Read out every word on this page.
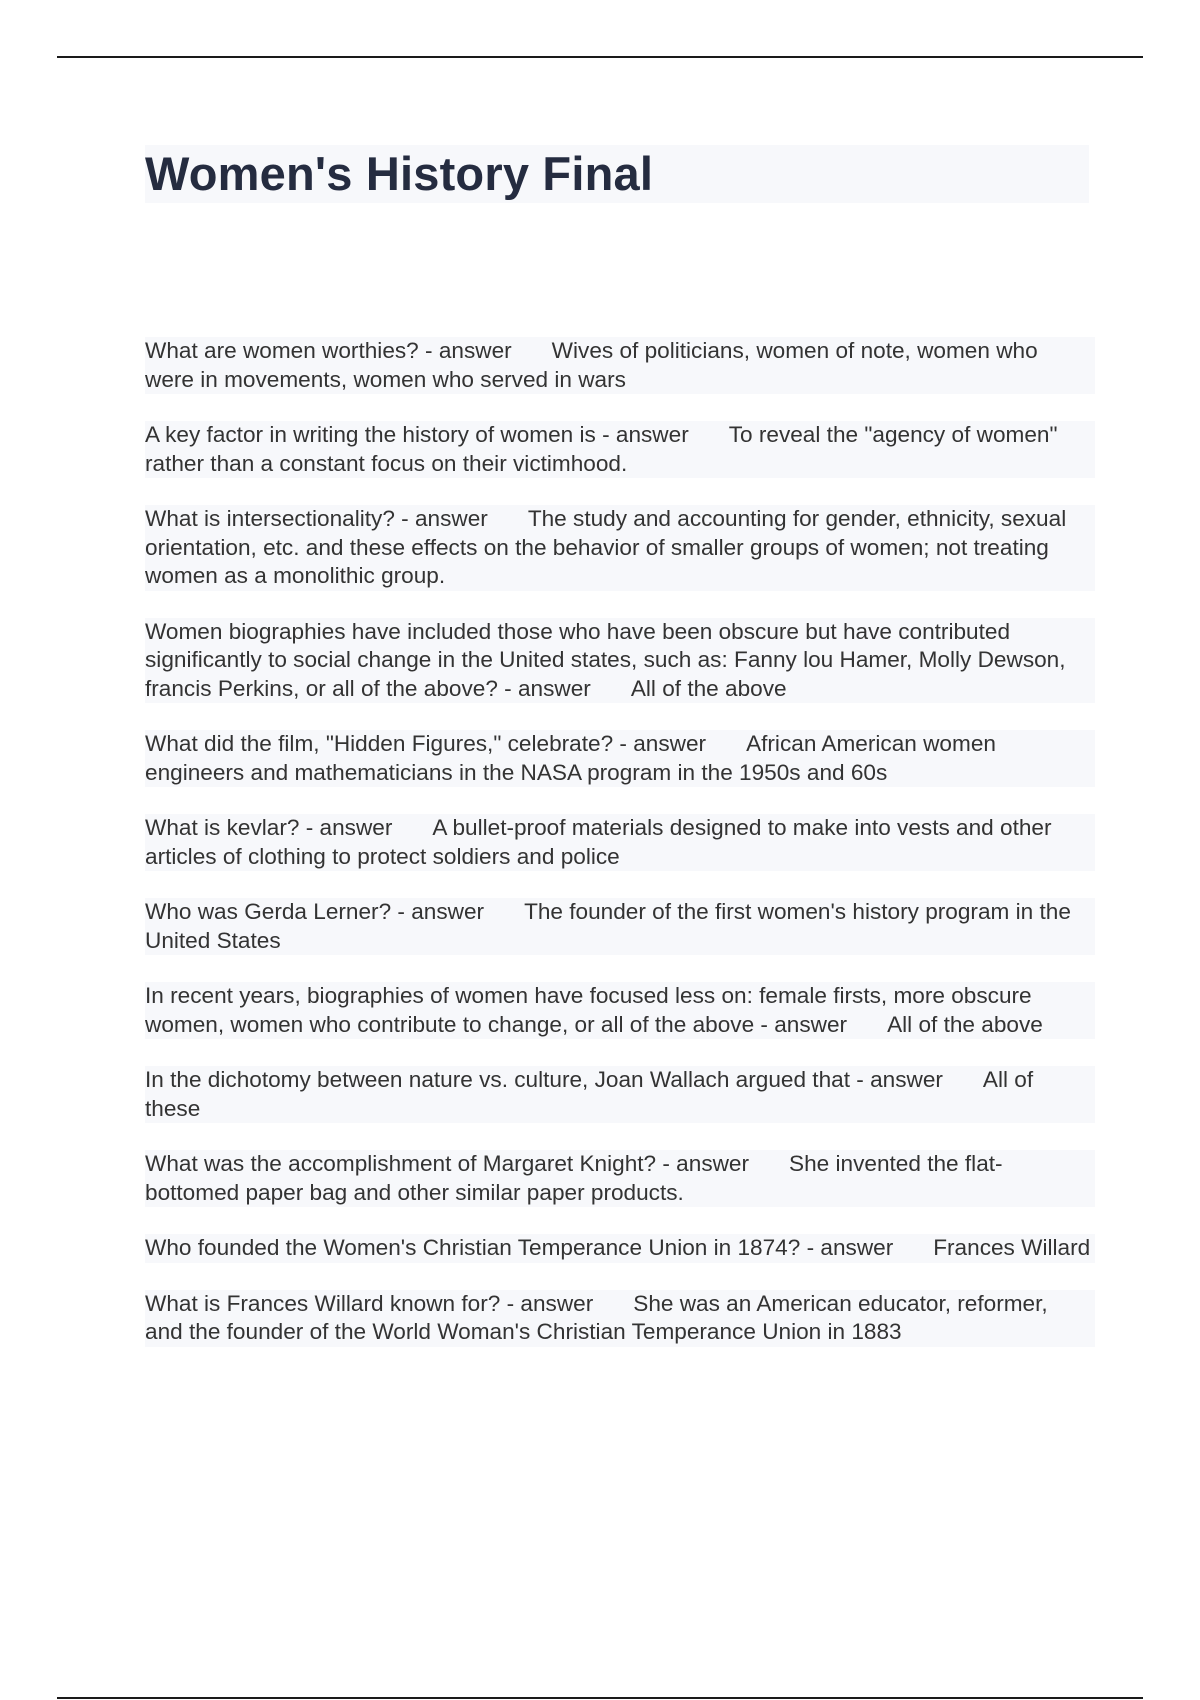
Women's History Final

What are women worthies? - answer Wives of politicians, women of note, women who were in movements, women who served in wars

A key factor in writing the history of women is - answer To reveal the "agency of women" rather than a constant focus on their victimhood.

What is intersectionality? - answer The study and accounting for gender, ethnicity, sexual orientation, etc. and these effects on the behavior of smaller groups of women; not treating women as a monolithic group.

Women biographies have included those who have been obscure but have contributed significantly to social change in the United states, such as: Fanny lou Hamer, Molly Dewson, francis Perkins, or all of the above? - answer All of the above

What did the film, "Hidden Figures," celebrate? - answer African American women engineers and mathematicians in the NASA program in the 1950s and 60s

What is kevlar? - answer A bullet-proof materials designed to make into vests and other articles of clothing to protect soldiers and police

Who was Gerda Lerner? - answer The founder of the first women's history program in the United States

In recent years, biographies of women have focused less on: female firsts, more obscure women, women who contribute to change, or all of the above - answer All of the above

In the dichotomy between nature vs. culture, Joan Wallach argued that - answer All of these

What was the accomplishment of Margaret Knight? - answer She invented the flat-bottomed paper bag and other similar paper products.

Who founded the Women's Christian Temperance Union in 1874? - answer Frances Willard

What is Frances Willard known for? - answer She was an American educator, reformer, and the founder of the World Woman's Christian Temperance Union in 1883
